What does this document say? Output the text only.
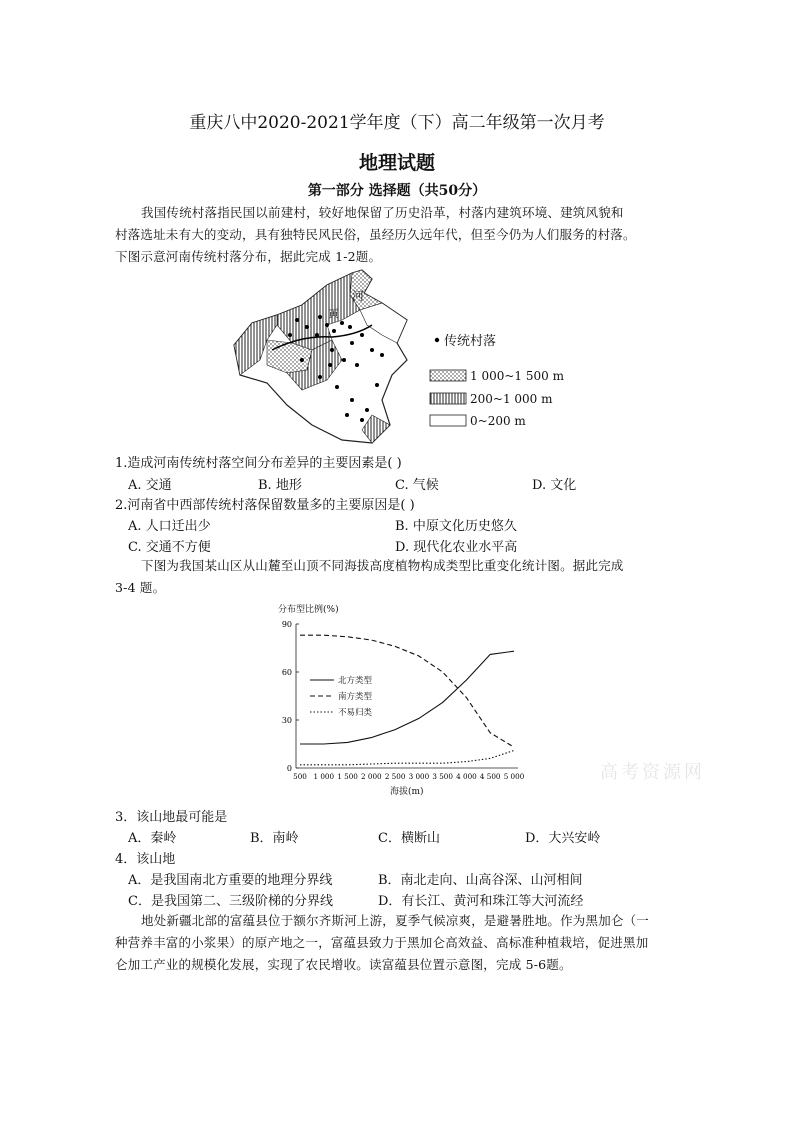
重庆八中2020-2021学年度（下）高二年级第一次月考
地理试题
第一部分 选择题（共50分）
我国传统村落指民国以前建村，较好地保留了历史沿革，村落内建筑环境、建筑风貌和
村落选址未有大的变动，具有独特民风民俗，虽经历久远年代，但至今仍为人们服务的村落。
下图示意河南传统村落分布，据此完成 1-2题。
河
黄
传统村落
1 000~1 500 m
200~1 000 m
0~200 m
1.造成河南传统村落空间分布差异的主要因素是( )
A. 交通	B. 地形	C. 气候	D. 文化
2.河南省中西部传统村落保留数量多的主要原因是( )
A. 人口迁出少	B. 中原文化历史悠久
C. 交通不方便	D. 现代化农业水平高
下图为我国某山区从山麓至山顶不同海拔高度植物构成类型比重变化统计图。据此完成
3-4 题。
分布型比例(%)
海拔(m)
0
30
60
90
500 1 000 1 500 2 000 2 500 3 000 3 500 4 000 4 500 5 000
北方类型
南方类型
不易归类
高考资源网
3．该山地最可能是
A．秦岭	B．南岭	C．横断山	D．大兴安岭
4．该山地
A．是我国南北方重要的地理分界线	B．南北走向、山高谷深、山河相间
C．是我国第二、三级阶梯的分界线	D．有长江、黄河和珠江等大河流经
地处新疆北部的富蕴县位于额尔齐斯河上游，夏季气候凉爽，是避暑胜地。作为黑加仑（一
种营养丰富的小浆果）的原产地之一，富蕴县致力于黑加仑高效益、高标准种植栽培，促进黑加
仑加工产业的规模化发展，实现了农民增收。读富蕴县位置示意图，完成 5-6题。
